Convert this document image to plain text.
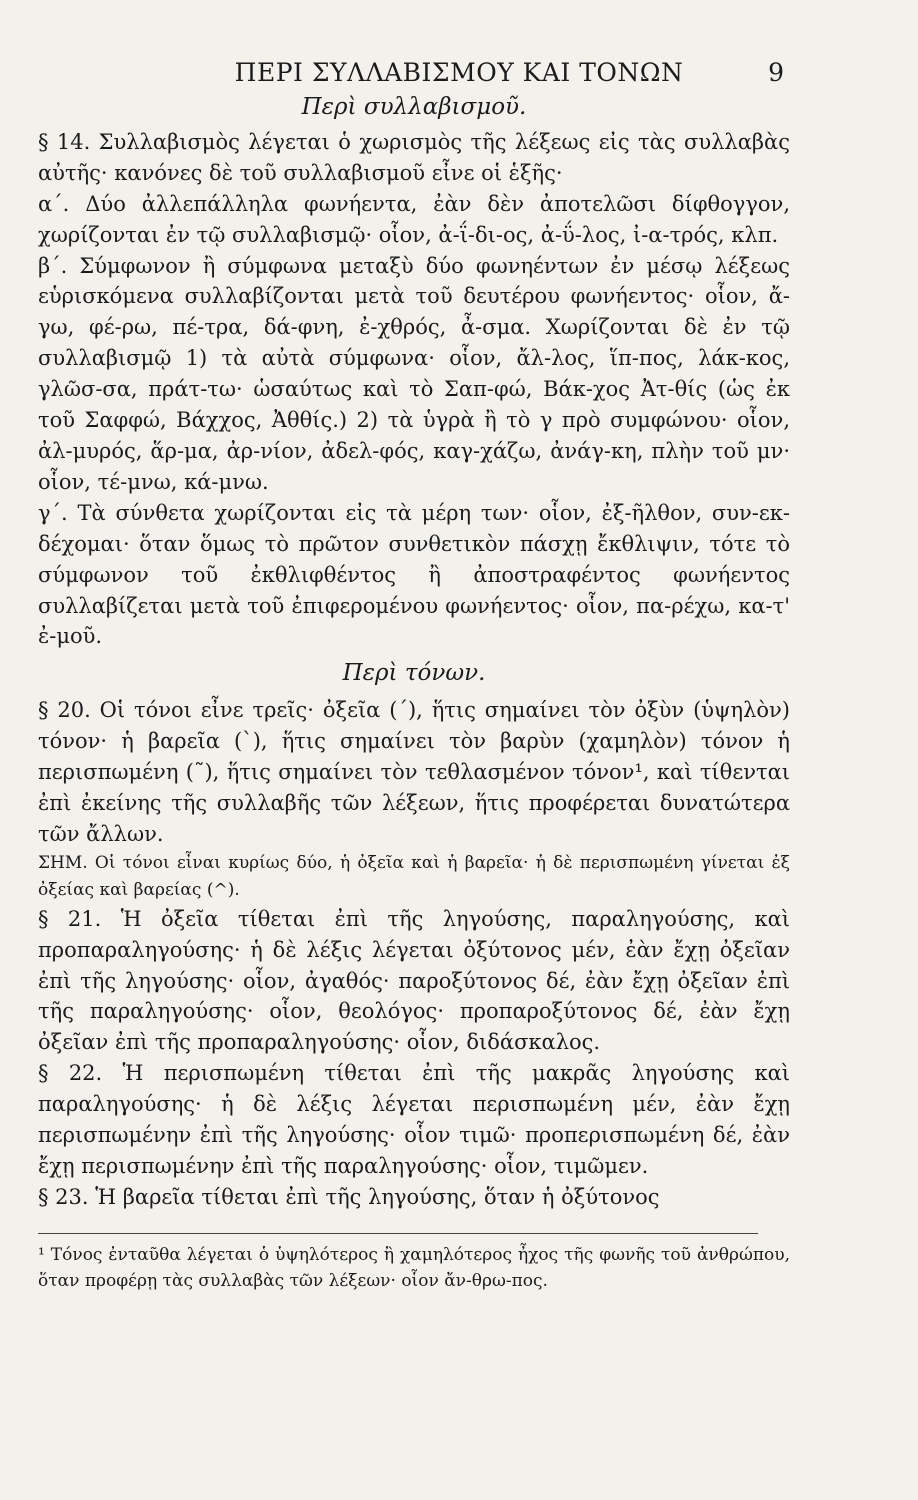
ΠΕΡΙ ΣΥΛΛΑΒΙΣΜΟΥ ΚΑΙ ΤΟΝΩΝ	9

Περὶ συλλαβισμοῦ.

§ 14. Συλλαβισμὸς λέγεται ὁ χωρισμὸς τῆς λέξεως εἰς τὰς συλλαβὰς αὐτῆς· κανόνες δὲ τοῦ συλλαβισμοῦ εἶνε οἱ ἑξῆς·

α΄. Δύο ἀλλεπάλληλα φωνήεντα, ἐὰν δὲν ἀποτελῶσι δίφθογγον, χωρίζονται ἐν τῷ συλλαβισμῷ· οἷον, ἀ-ΐ-δι-ος, ἀ-ΰ-λος, ἰ-α-τρός, κλπ.

β΄. Σύμφωνον ἢ σύμφωνα μεταξὺ δύο φωνηέντων ἐν μέσῳ λέξεως εὑρισκόμενα συλλαβίζονται μετὰ τοῦ δευτέρου φωνήεντος· οἷον, ἄ-γω, φέ-ρω, πέ-τρα, δά-φνη, ἐ-χθρός, ἆ-σμα. Χωρίζονται δὲ ἐν τῷ συλλαβισμῷ 1) τὰ αὐτὰ σύμφωνα· οἷον, ἄλ-λος, ἵπ-πος, λάκ-κος, γλῶσ-σα, πράτ-τω· ὡσαύτως καὶ τὸ Σαπ-φώ, Βάκ-χος Ἀτ-θίς (ὡς ἐκ τοῦ Σαφφώ, Βάχχος, Ἀθθίς.) 2) τὰ ὑγρὰ ἢ τὸ γ πρὸ συμφώνου· οἷον, ἀλ-μυρός, ἅρ-μα, ἀρ-νίον, ἀδελ-φός, καγ-χάζω, ἀνάγ-κη, πλὴν τοῦ μν· οἷον, τέ-μνω, κά-μνω.

γ΄. Τὰ σύνθετα χωρίζονται εἰς τὰ μέρη των· οἷον, ἐξ-ῆλθον, συν-εκ-δέχομαι· ὅταν ὅμως τὸ πρῶτον συνθετικὸν πάσχῃ ἔκθλιψιν, τότε τὸ σύμφωνον τοῦ ἐκθλιφθέντος ἢ ἀποστραφέντος φωνήεντος συλλαβίζεται μετὰ τοῦ ἐπιφερομένου φωνήεντος· οἷον, πα-ρέχω, κα-τ' ἐ-μοῦ.

Περὶ τόνων.

§ 20. Οἱ τόνοι εἶνε τρεῖς· ὀξεῖα (΄), ἥτις σημαίνει τὸν ὀξὺν (ὑψηλὸν) τόνον· ἡ βαρεῖα (`), ἥτις σημαίνει τὸν βαρὺν (χαμηλὸν) τόνον ἡ περισπωμένη (῀), ἥτις σημαίνει τὸν τεθλασμένον τόνον¹, καὶ τίθενται ἐπὶ ἐκείνης τῆς συλλαβῆς τῶν λέξεων, ἥτις προφέρεται δυνατώτερα τῶν ἄλλων.

ΣΗΜ. Οἱ τόνοι εἶναι κυρίως δύο, ἡ ὀξεῖα καὶ ἡ βαρεῖα· ἡ δὲ περισπωμένη γίνεται ἐξ ὀξείας καὶ βαρείας (^).

§ 21. Ἡ ὀξεῖα τίθεται ἐπὶ τῆς ληγούσης, παραληγούσης, καὶ προπαραληγούσης· ἡ δὲ λέξις λέγεται ὀξύτονος μέν, ἐὰν ἔχῃ ὀξεῖαν ἐπὶ τῆς ληγούσης· οἷον, ἀγαθός· παροξύτονος δέ, ἐὰν ἔχῃ ὀξεῖαν ἐπὶ τῆς παραληγούσης· οἷον, θεολόγος· προπαροξύτονος δέ, ἐὰν ἔχῃ ὀξεῖαν ἐπὶ τῆς προπαραληγούσης· οἷον, διδάσκαλος.

§ 22. Ἡ περισπωμένη τίθεται ἐπὶ τῆς μακρᾶς ληγούσης καὶ παραληγούσης· ἡ δὲ λέξις λέγεται περισπωμένη μέν, ἐὰν ἔχῃ περισπωμένην ἐπὶ τῆς ληγούσης· οἷον τιμῶ· προπερισπωμένη δέ, ἐὰν ἔχῃ περισπωμένην ἐπὶ τῆς παραληγούσης· οἷον, τιμῶμεν.

§ 23. Ἡ βαρεῖα τίθεται ἐπὶ τῆς ληγούσης, ὅταν ἡ ὀξύτονος

¹ Τόνος ἐνταῦθα λέγεται ὁ ὑψηλότερος ἢ χαμηλότερος ἦχος τῆς φωνῆς τοῦ ἀνθρώπου, ὅταν προφέρῃ τὰς συλλαβὰς τῶν λέξεων· οἷον ἄν-θρω-πος.
